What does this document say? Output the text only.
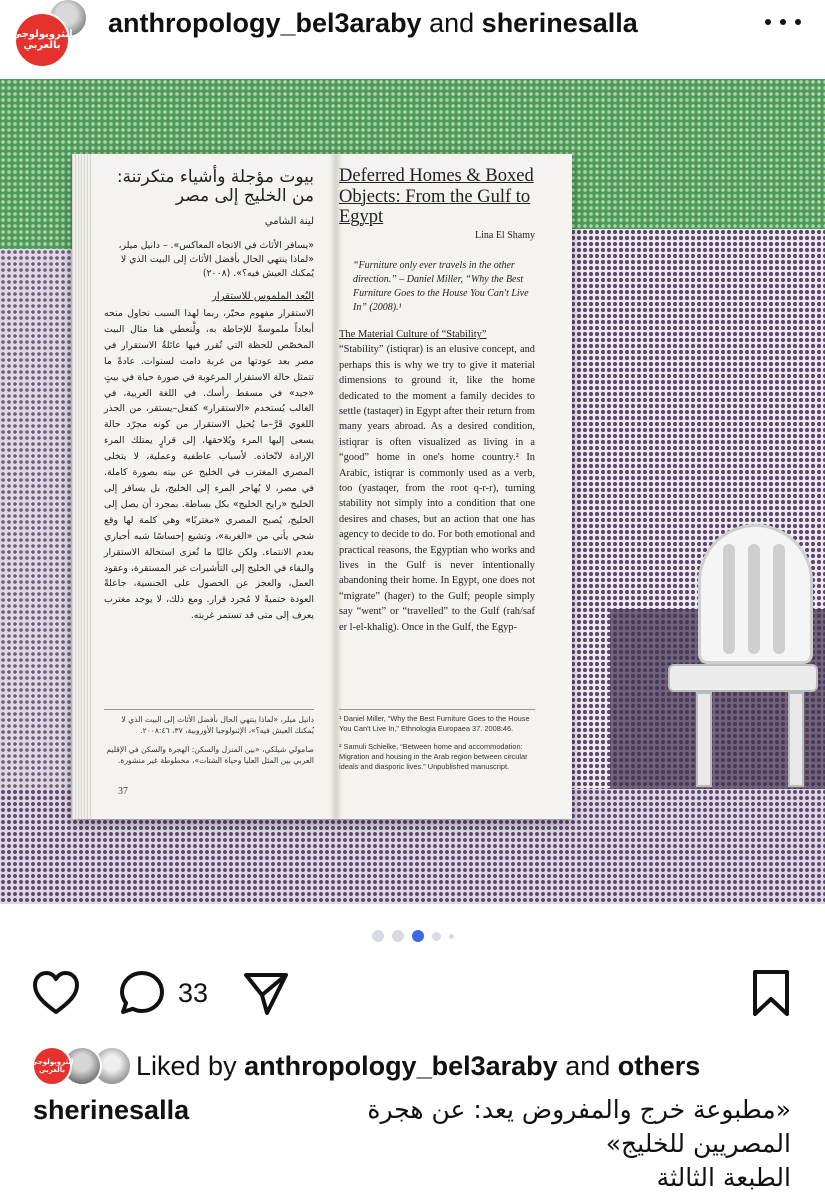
انثروبولوجي بالعربي
anthropology_bel3araby and sherinesalla
بيوت مؤجلة وأشياء متكرتنة: من الخليج إلى مصر
لينة الشامي
«يسافر الأثاث في الاتجاه المعاكس». – دانيل ميلر، «لماذا ينتهي الحال بأفضل الأثاث إلى البيت الذي لا يُمكنك العيش فيه؟». (٢٠٠٨)
البُعد الملموس للاستقرار
الاستقرار مفهوم محيّر، ربما لهذا السبب نحاول منحه أبعاداً ملموسةً للإحاطة به، ولْنعطي هنا مثال البيت المخصّص للحظة التي تُقرر فيها عائلةٌ الاستقرار في مصر بعد عودتها من غربة دامت لسنوات. عادةً ما تتمثل حالة الاستقرار المرغوبة في صورة حياة في بيتٍ «جيد» في مسقط رأسك. في اللغة العربية، في الغالب يُستخدم «الاستقرار» كفعل–يستقر، من الجذر اللغوي قَرَّ–ما يُحيل الاستقرار من كونه مجرّد حالة يسعى إليها المرء ويُلاحقها، إلى قرارٍ يمتلك المرء الإرادة لاتّخاذه. لأسباب عاطفية وعملية، لا يتخلى المصري المغترب في الخليج عن بيته بصورة كاملة. في مصر، لا يُهاجر المرء إلى الخليج، بل يسافر إلى الخليج «رايح الخليج» بكل بساطة. بمجرد أن يصل إلى الخليج، يُصبح المصري «مغتربًا» وهي كلمة لها وقع شجي يأتي من «الغربة»، وتشيع إحساسًا شبه أجباري بعدم الانتماء. ولكن غالبًا ما تُعزى استحالة الاستقرار والبقاء في الخليج إلى التأشيرات غير المستقرة، وعقود العمل، والعجز عن الحصول على الجنسية، جاعلةً العودة حتميةً لا مُجرد قرار. ومع ذلك، لا يوجد مغترب يعرف إلى متى قد تستمر غربته.

دانيل ميلر، «لماذا ينتهي الحال بأفضل الأثاث إلى البيت الذي لا يُمكنك العيش فيه؟»، الإثنولوجيا الأوروبية، ٣٧، ٢٠٠٨:٤٦.

صامولي شيلكي، «بين المنزل والسكن: الهجرة والسكن في الإقليم العربي بين المثل العليا وحياة الشتات»، مخطوطة غير منشورة.

37
Deferred Homes & Boxed Objects: From the Gulf to Egypt
Lina El Shamy
“Furniture only ever travels in the other direction.” – Daniel Miller, “Why the Best Furniture Goes to the House You Can't Live In” (2008).¹
The Material Culture of “Stability”
“Stability” (istiqrar) is an elusive concept, and perhaps this is why we try to give it material dimensions to ground it, like the home dedicated to the moment a family decides to settle (tastaqer) in Egypt after their return from many years abroad. As a desired condition, istiqrar is often visualized as living in a “good” home in one's home country.² In Arabic, istiqrar is commonly used as a verb, too (yastaqer, from the root q-r-r), turning stability not simply into a condition that one desires and chases, but an action that one has agency to decide to do. For both emotional and practical reasons, the Egyptian who works and lives in the Gulf is never intentionally abandoning their home. In Egypt, one does not “migrate” (hager) to the Gulf; people simply say “went” or “travelled” to the Gulf (rah/saf er l-el-khalig). Once in the Gulf, the Egyp-

¹ Daniel Miller, “Why the Best Furniture Goes to the House You Can't Live In,” Ethnologia Europaea 37. 2008:46.

² Samuli Schielke, “Between home and accommodation: Migration and housing in the Arab region between circular ideals and diasporic lives.” Unpublished manuscript.

33
انثروبولوجي بالعربي	Liked by anthropology_bel3araby and others
sherinesalla	«مطبوعة خرج والمفروض يعد: عن هجرة المصريين للخليج»
الطبعة الثالثة
